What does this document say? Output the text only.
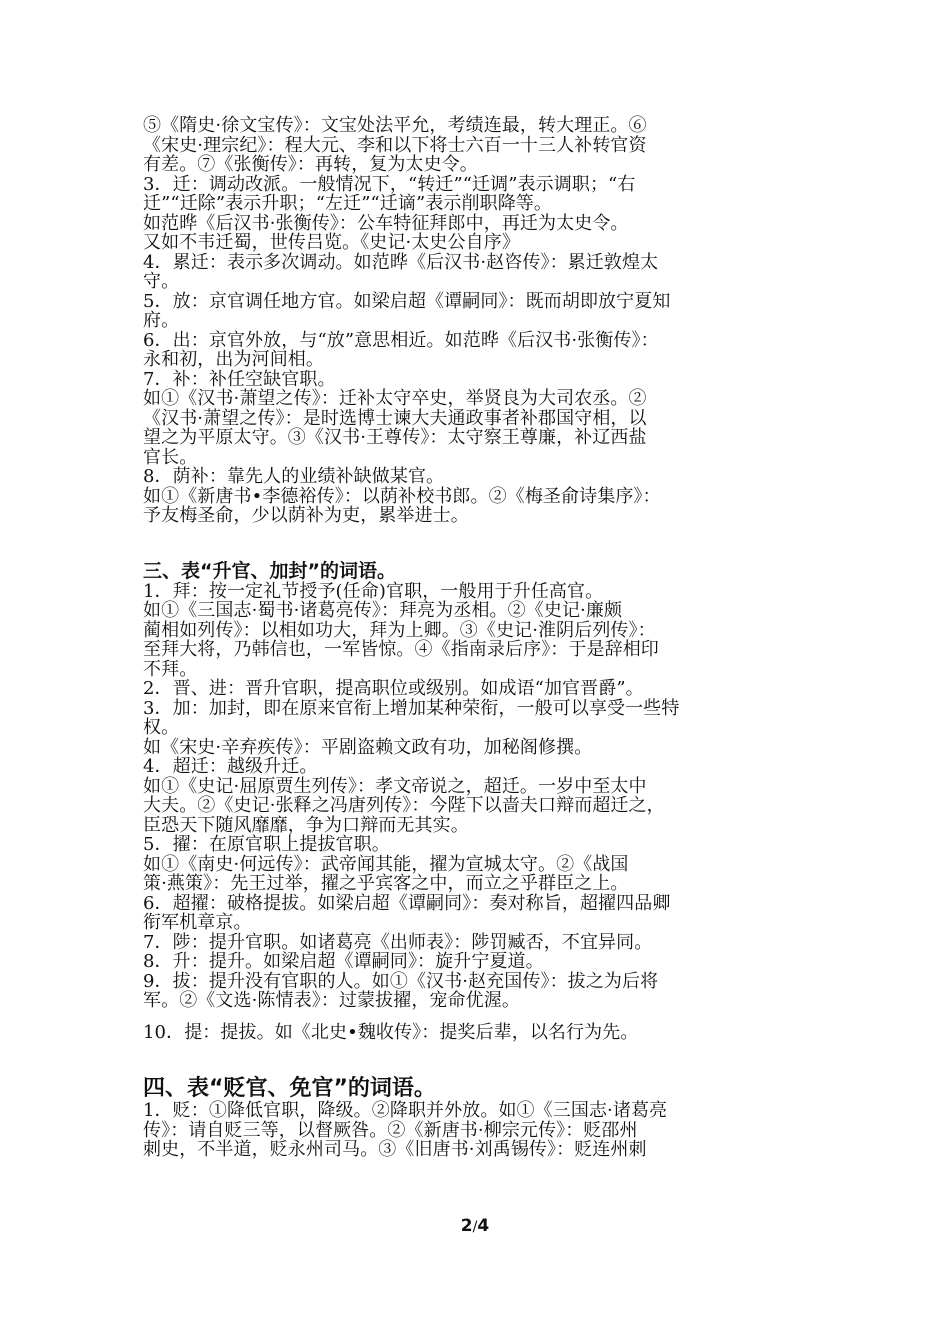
⑤《隋史·徐文宝传》：文宝处法平允，考绩连最，转大理正。⑥
《宋史·理宗纪》：程大元、李和以下将士六百一十三人补转官资
有差。⑦《张衡传》：再转，复为太史令。
3．迁：调动改派。一般情况下，“转迁”“迁调”表示调职；“右
迁”“迁除”表示升职；“左迁”“迁谪”表示削职降等。
如范晔《后汉书·张衡传》：公车特征拜郎中，再迁为太史令。
又如不韦迁蜀，世传吕览。《史记·太史公自序》
4．累迁：表示多次调动。如范晔《后汉书·赵咨传》：累迁敦煌太
守。
5．放：京官调任地方官。如梁启超《谭嗣同》：既而胡即放宁夏知
府。
6．出：京官外放，与“放”意思相近。如范晔《后汉书·张衡传》：
永和初，出为河间相。
7．补：补任空缺官职。
如①《汉书·萧望之传》：迁补太守卒史，举贤良为大司农丞。②
《汉书·萧望之传》：是时选博士谏大夫通政事者补郡国守相，以
望之为平原太守。③《汉书·王尊传》：太守察王尊廉，补辽西盐
官长。
8．荫补：靠先人的业绩补缺做某官。
如①《新唐书•李德裕传》：以荫补校书郎。②《梅圣俞诗集序》：
予友梅圣俞，少以荫补为吏，累举进士。
三、表“升官、加封”的词语。
1．拜：按一定礼节授予(任命)官职，一般用于升任高官。
如①《三国志·蜀书·诸葛亮传》：拜亮为丞相。②《史记·廉颇
蔺相如列传》：以相如功大，拜为上卿。③《史记·淮阴后列传》：
至拜大将，乃韩信也，一军皆惊。④《指南录后序》：于是辞相印
不拜。
2．晋、进：晋升官职，提高职位或级别。如成语“加官晋爵”。
3．加：加封，即在原来官衔上增加某种荣衔，一般可以享受一些特
权。
如《宋史·辛弃疾传》：平剧盗赖文政有功，加秘阁修撰。
4．超迁：越级升迁。
如①《史记·屈原贾生列传》：孝文帝说之，超迁。一岁中至太中
大夫。②《史记·张释之冯唐列传》：今陛下以啬夫口辩而超迁之，
臣恐天下随风靡靡，争为口辩而无其实。
5．擢：在原官职上提拔官职。
如①《南史·何远传》：武帝闻其能，擢为宣城太守。②《战国
策·燕策》：先王过举，擢之乎宾客之中，而立之乎群臣之上。
6．超擢：破格提拔。如梁启超《谭嗣同》：奏对称旨，超擢四品卿
衔军机章京。
7．陟：提升官职。如诸葛亮《出师表》：陟罚臧否，不宜异同。
8．升：提升。如梁启超《谭嗣同》：旋升宁夏道。
9．拔：提升没有官职的人。如①《汉书·赵充国传》：拔之为后将
军。②《文选·陈情表》：过蒙拔擢，宠命优渥。
10．提：提拔。如《北史•魏收传》：提奖后辈，以名行为先。
四、表“贬官、免官”的词语。
1．贬：①降低官职，降级。②降职并外放。如①《三国志·诸葛亮
传》：请自贬三等，以督厥咎。②《新唐书·柳宗元传》：贬邵州
刺史，不半道，贬永州司马。③《旧唐书·刘禹锡传》：贬连州刺
2/4
